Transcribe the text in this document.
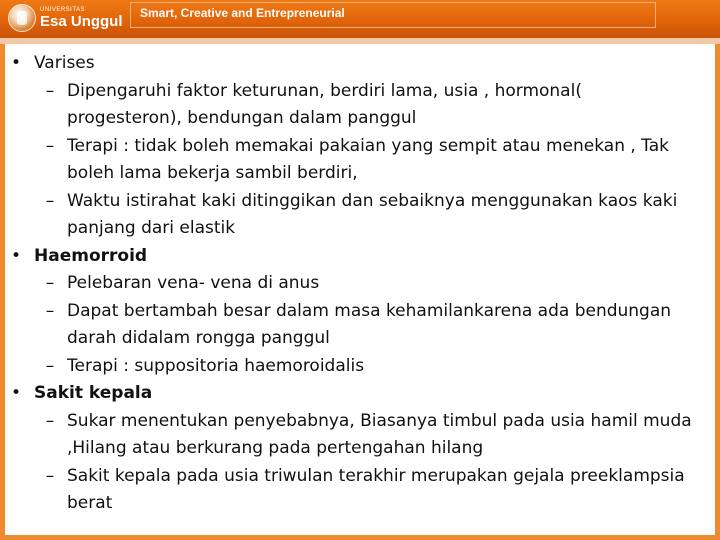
UNIVERSITAS
Esa Unggul Smart, Creative and Entrepreneurial
• Varises
– Dipengaruhi faktor keturunan, berdiri lama, usia , hormonal( progesteron), bendungan dalam panggul
– Terapi : tidak boleh memakai pakaian yang sempit atau menekan , Tak boleh lama bekerja sambil berdiri,
– Waktu istirahat kaki ditinggikan dan sebaiknya menggunakan kaos kaki panjang dari elastik
• Haemorroid
– Pelebaran vena- vena di anus
– Dapat bertambah besar dalam masa kehamilankarena ada bendungan darah didalam rongga panggul
– Terapi : suppositoria haemoroidalis
• Sakit kepala
– Sukar menentukan penyebabnya, Biasanya timbul pada usia hamil muda ,Hilang atau berkurang pada pertengahan hilang
– Sakit kepala pada usia triwulan terakhir merupakan gejala preeklampsia berat
